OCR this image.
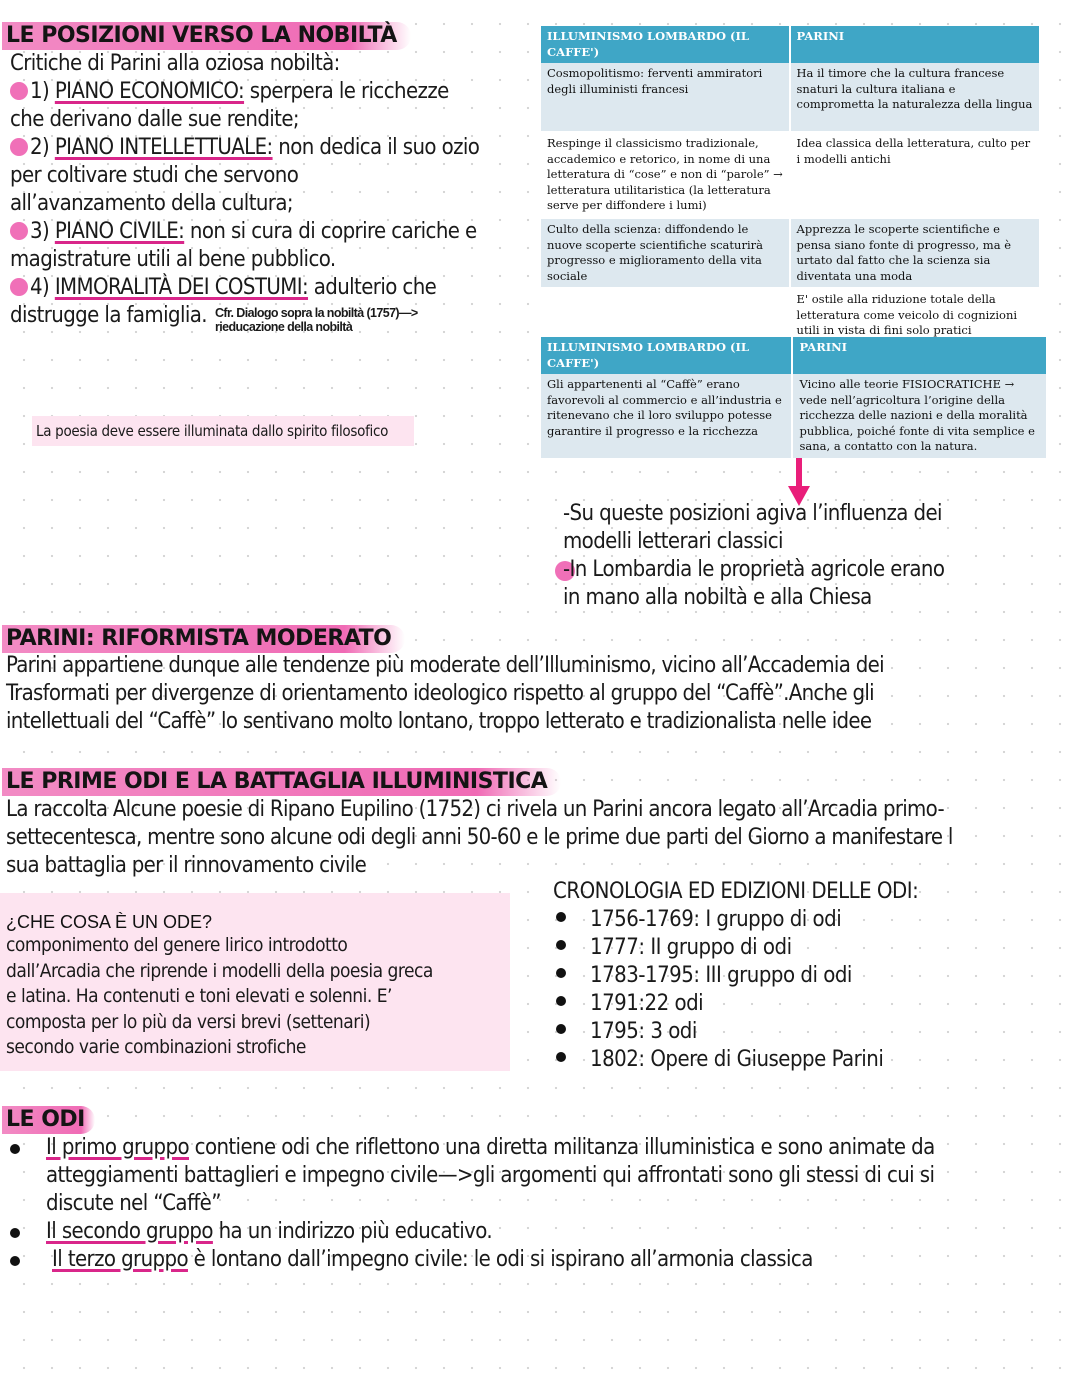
LE POSIZIONI VERSO LA NOBILTÀ
Critiche di Parini alla oziosa nobiltà:
1) PIANO ECONOMICO: sperpera le ricchezze
che derivano dalle sue rendite;
2) PIANO INTELLETTUALE: non dedica il suo ozio
per coltivare studi che servono
all’avanzamento della cultura;
3) PIANO CIVILE: non si cura di coprire cariche e
magistrature utili al bene pubblico.
4) IMMORALITÀ DEI COSTUMI: adulterio che
distrugge la famiglia. Cfr. Dialogo sopra la nobiltà (1757)—>
rieducazione della nobiltà
La poesia deve essere illuminata dallo spirito filosofico
ILLUMINISMO LOMBARDO (IL CAFFE')	PARINI
Cosmopolitismo: ferventi ammiratori degli illuministi francesi	Ha il timore che la cultura francese snaturi la cultura italiana e comprometta la naturalezza della lingua
Respinge il classicismo tradizionale, accademico e retorico, in nome di una letteratura di “cose” e non di “parole” → letteratura utilitaristica (la letteratura serve per diffondere i lumi)	Idea classica della letteratura, culto per i modelli antichi
Culto della scienza: diffondendo le nuove scoperte scientifiche scaturirà progresso e miglioramento della vita sociale	Apprezza le scoperte scientifiche e pensa siano fonte di progresso, ma è urtato dal fatto che la scienza sia diventata una moda
	E' ostile alla riduzione totale della letteratura come veicolo di cognizioni utili in vista di fini solo pratici
ILLUMINISMO LOMBARDO (IL CAFFE')	PARINI
Gli appartenenti al “Caffè” erano favorevoli al commercio e all’industria e ritenevano che il loro sviluppo potesse garantire il progresso e la ricchezza	Vicino alle teorie FISIOCRATICHE → vede nell’agricoltura l’origine della ricchezza delle nazioni e della moralità pubblica, poiché fonte di vita semplice e sana, a contatto con la natura.
-Su queste posizioni agiva l’influenza dei
modelli letterari classici
-In Lombardia le proprietà agricole erano
in mano alla nobiltà e alla Chiesa
PARINI: RIFORMISTA MODERATO
Parini appartiene dunque alle tendenze più moderate dell’Illuminismo, vicino all’Accademia dei
Trasformati per divergenze di orientamento ideologico rispetto al gruppo del “Caffè”.Anche gli
intellettuali del “Caffè” lo sentivano molto lontano, troppo letterato e tradizionalista nelle idee
LE PRIME ODI E LA BATTAGLIA ILLUMINISTICA
La raccolta Alcune poesie di Ripano Eupilino (1752) ci rivela un Parini ancora legato all’Arcadia primo-
settecentesca, mentre sono alcune odi degli anni 50-60 e le prime due parti del Giorno a manifestare l
sua battaglia per il rinnovamento civile
¿CHE COSA È UN ODE?
componimento del genere lirico introdotto
dall’Arcadia che riprende i modelli della poesia greca
e latina. Ha contenuti e toni elevati e solenni. E’
composta per lo più da versi brevi (settenari)
secondo varie combinazioni strofiche
CRONOLOGIA ED EDIZIONI DELLE ODI:
1756-1769: I gruppo di odi
1777: II gruppo di odi
1783-1795: III gruppo di odi
1791:22 odi
1795: 3 odi
1802: Opere di Giuseppe Parini
LE ODI
Il primo gruppo contiene odi che riflettono una diretta militanza illuministica e sono animate da
atteggiamenti battaglieri e impegno civile—>gli argomenti qui affrontati sono gli stessi di cui si
discute nel “Caffè”
Il secondo gruppo ha un indirizzo più educativo.
Il terzo gruppo è lontano dall’impegno civile: le odi si ispirano all’armonia classica
